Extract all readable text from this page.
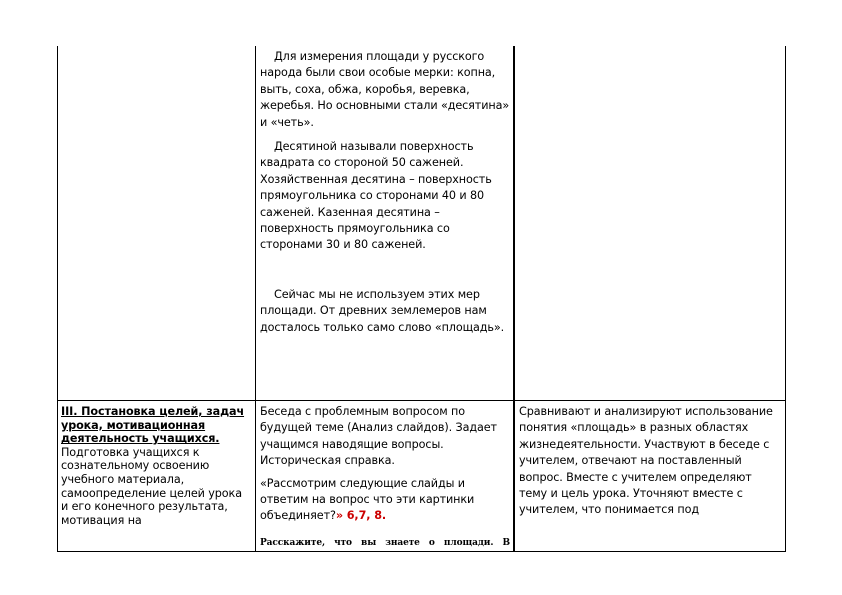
Для измерения площади у русского народа были свои особые мерки: копна, выть, соха, обжа, коробья, веревка, жеребья. Но основными стали «десятина» и «четь».

Десятиной называли поверхность квадрата со стороной 50 саженей. Хозяйственная десятина – поверхность прямоугольника со сторонами 40 и 80 саженей. Казенная десятина – поверхность прямоугольника со сторонами 30 и 80 саженей.

Сейчас мы не используем этих мер площади. От древних землемеров нам досталось только само слово «площадь».

III. Постановка целей, задач урока, мотивационная деятельность учащихся.

Подготовка учащихся к сознательному освоению учебного материала, самоопределение целей урока и его конечного результата, мотивация на

Беседа с проблемным вопросом по будущей теме (Анализ слайдов). Задает учащимся наводящие вопросы. Историческая справка.

«Рассмотрим следующие слайды и ответим на вопрос что эти картинки объединяет?» 6,7, 8.

Расскажите, что вы знаете о площади. В

Сравнивают и анализируют использование понятия «площадь» в разных областях жизнедеятельности. Участвуют в беседе с учителем, отвечают на поставленный вопрос. Вместе с учителем определяют тему и цель урока. Уточняют вместе с учителем, что понимается под
